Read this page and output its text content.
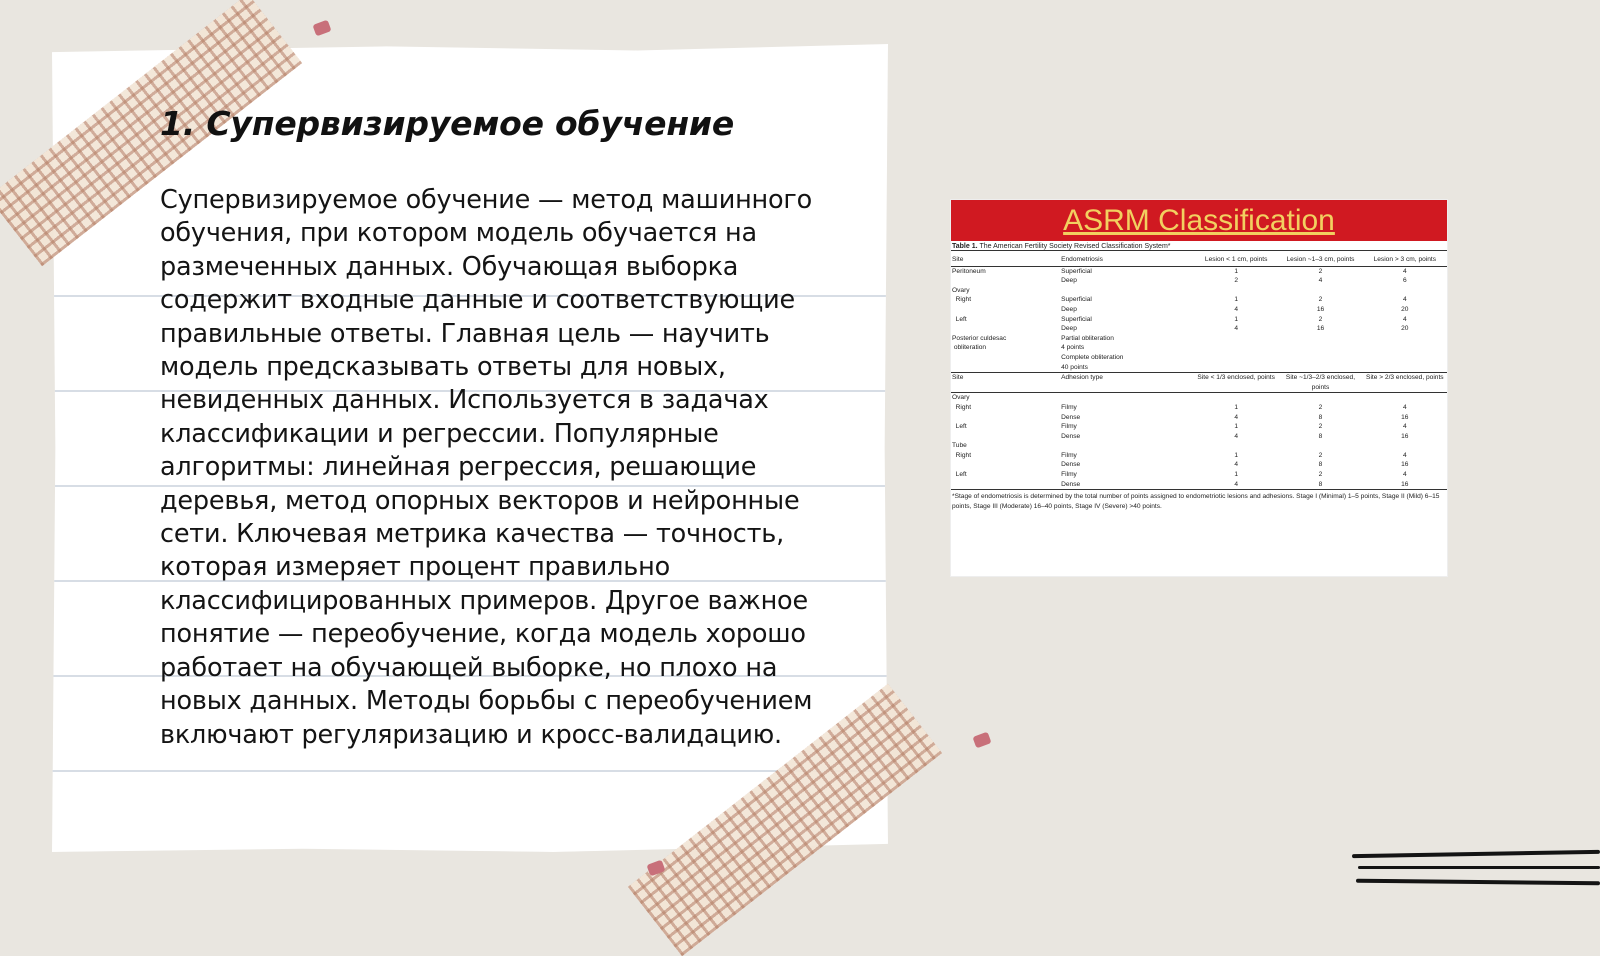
1. Супервизируемое обучение

Супервизируемое обучение — метод машинного обучения, при котором модель обучается на размеченных данных. Обучающая выборка содержит входные данные и соответствующие правильные ответы. Главная цель — научить модель предсказывать ответы для новых, невиденных данных. Используется в задачах классификации и регрессии. Популярные алгоритмы: линейная регрессия, решающие деревья, метод опорных векторов и нейронные сети. Ключевая метрика качества — точность, которая измеряет процент правильно классифицированных примеров. Другое важное понятие — переобучение, когда модель хорошо работает на обучающей выборке, но плохо на новых данных. Методы борьбы с переобучением включают регуляризацию и кросс-валидацию.

ASRM Classification
Table 1. The American Fertility Society Revised Classification System*
Site	Endometriosis	Lesion < 1 cm, points	Lesion ~1–3 cm, points	Lesion > 3 cm, points
Peritoneum	Superficial	1	2	4
	Deep	2	4	6
Ovary				
Right	Superficial	1	2	4
	Deep	4	16	20
Left	Superficial	1	2	4
	Deep	4	16	20
Posterior culdesac	Partial obliteration			
obliteration	4 points			
	Complete obliteration			
	40 points			
Site	Adhesion type	Site < 1/3 enclosed, points	Site ~1/3–2/3 enclosed, points	Site > 2/3 enclosed, points
Ovary				
Right	Filmy	1	2	4
	Dense	4	8	16
Left	Filmy	1	2	4
	Dense	4	8	16
Tube				
Right	Filmy	1	2	4
	Dense	4	8	16
Left	Filmy	1	2	4
	Dense	4	8	16
*Stage of endometriosis is determined by the total number of points assigned to endometriotic lesions and adhesions. Stage I (Minimal) 1–5 points, Stage II (Mild) 6–15 points, Stage III (Moderate) 16–40 points, Stage IV (Severe) >40 points.
